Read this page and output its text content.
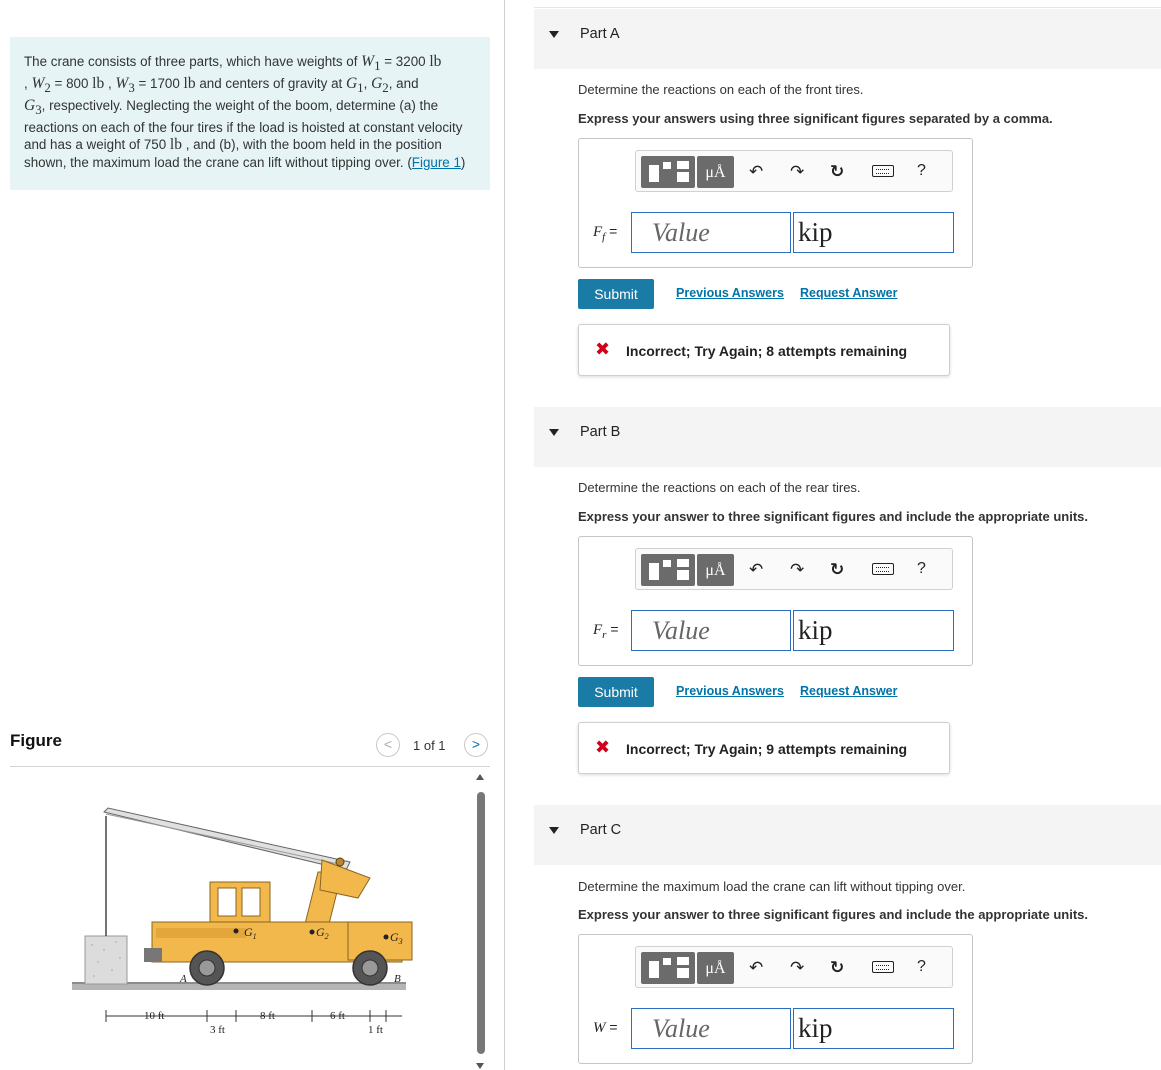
The crane consists of three parts, which have weights of $W_1 = 3200$ lb
, $W_2 = 800$ lb , $W_3 = 1700$ lb and centers of gravity at $G_1$, $G_2$, and
$G_3$, respectively. Neglecting the weight of the boom, determine (a) the reactions on each of the four tires if the load is hoisted at constant velocity and has a weight of 750 lb , and (b), with the boom held in the position shown, the maximum load the crane can lift without tipping over. (Figure 1)
Figure	<	1 of 1	>
$G_1$	$G_2$	$G_3$
A	B
10 ft
3 ft
8 ft	6 ft
1 ft
Part A
Determine the reactions on each of the front tires.
Express your answers using three significant figures separated by a comma.
μÅ	↶ ↷ ↻	?
$F_f$ =	Value	kip
Submit	Previous Answers Request Answer
✖ Incorrect; Try Again; 8 attempts remaining
Part B
Determine the reactions on each of the rear tires.
Express your answer to three significant figures and include the appropriate units.
μÅ	↶ ↷ ↻	?
$F_r$ =	Value	kip
Submit	Previous Answers Request Answer
✖ Incorrect; Try Again; 9 attempts remaining
Part C
Determine the maximum load the crane can lift without tipping over.
Express your answer to three significant figures and include the appropriate units.
μÅ	↶ ↷ ↻	?
W =	Value	kip
